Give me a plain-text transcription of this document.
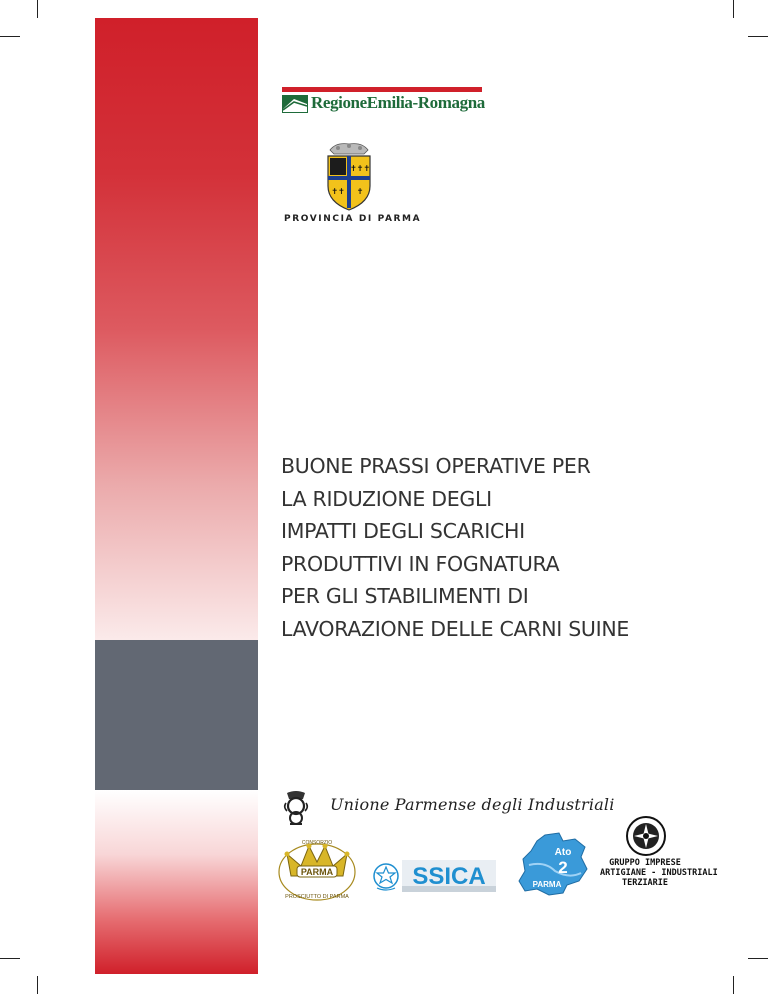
RegioneEmilia-Romagna
✝✝✝
✝✝ ✝
PROVINCIA DI PARMA
BUONE PRASSI OPERATIVE PER
LA RIDUZIONE DEGLI
IMPATTI DEGLI SCARICHI
PRODUTTIVI IN FOGNATURA
PER GLI STABILIMENTI DI
LAVORAZIONE DELLE CARNI SUINE
Unione Parmense degli Industriali
PARMA
CONSORZIO
PROSCIUTTO DI PARMA
SSICA
Ato
2
PARMA
GRUPPO IMPRESE
ARTIGIANE - INDUSTRIALI
TERZIARIE
